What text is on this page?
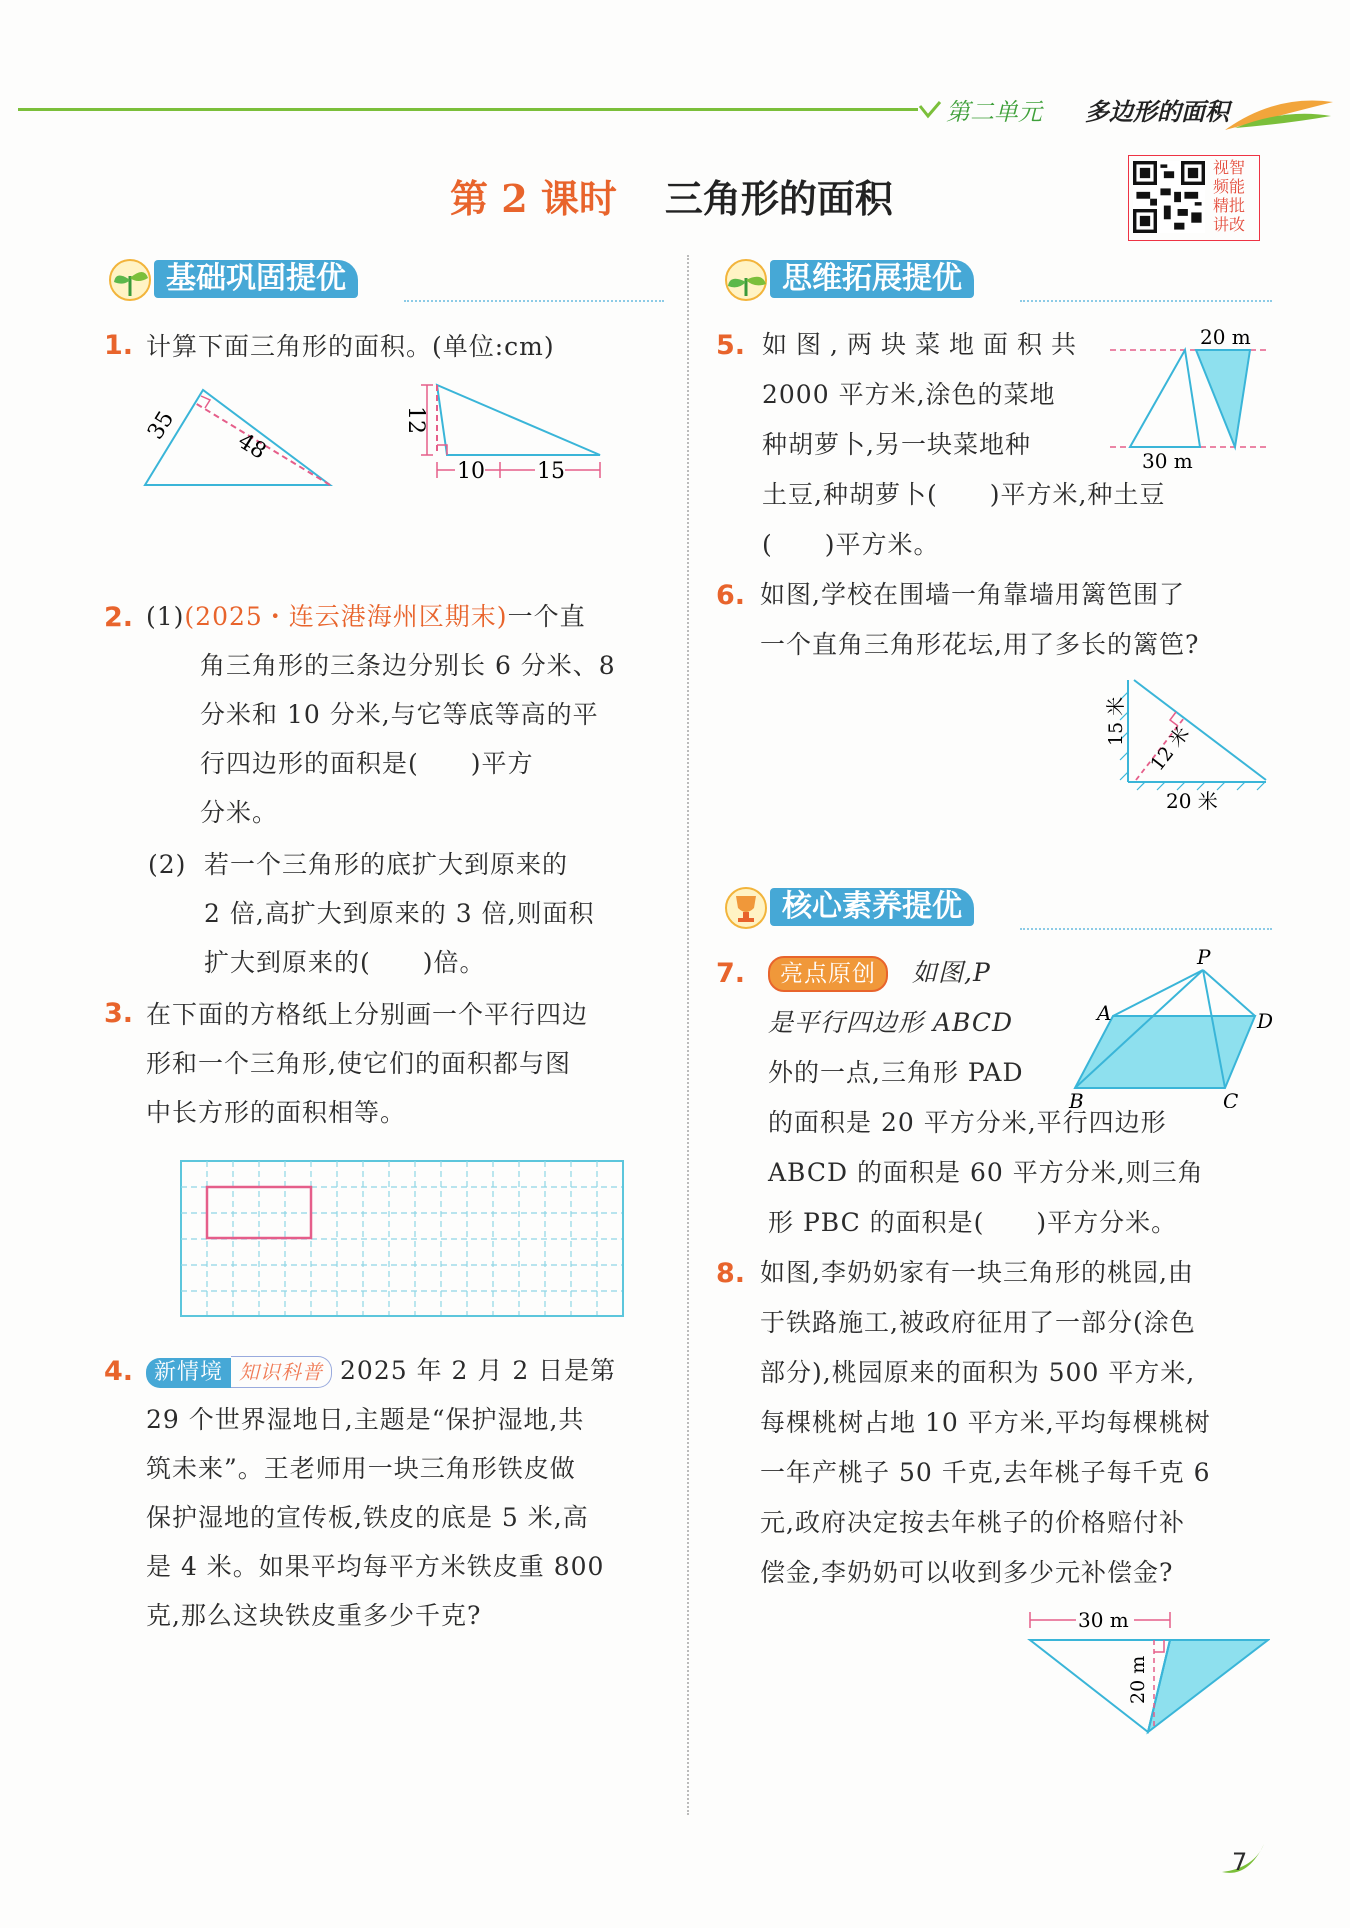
第二单元 多边形的面积
第 2 课时 三角形的面积
视智频能精批讲改
基础巩固提优
1. 计算下面三角形的面积。(单位:cm)
35
48
12
10 15
2. (1)(2025・连云港海州区期末)一个直
角三角形的三条边分别长 6 分米、8
分米和 10 分米,与它等底等高的平
行四边形的面积是(　　)平方
分米。
(2) 若一个三角形的底扩大到原来的
2 倍,高扩大到原来的 3 倍,则面积
扩大到原来的(　　)倍。
3. 在下面的方格纸上分别画一个平行四边
形和一个三角形,使它们的面积都与图
中长方形的面积相等。
4. 新情境 知识科普 2025 年 2 月 2 日是第
29 个世界湿地日,主题是“保护湿地,共
筑未来”。王老师用一块三角形铁皮做
保护湿地的宣传板,铁皮的底是 5 米,高
是 4 米。如果平均每平方米铁皮重 800
克,那么这块铁皮重多少千克?
思维拓展提优
5. 如图,两块菜地面积共
2000 平方米,涂色的菜地
种胡萝卜,另一块菜地种
土豆,种胡萝卜(　　)平方米,种土豆
(　　)平方米。
20 m
30 m
6. 如图,学校在围墙一角靠墙用篱笆围了
一个直角三角形花坛,用了多长的篱笆?
15 米
12 米
20 米
核心素养提优
7.	亮点原创 如图,P
是平行四边形 ABCD
外的一点,三角形 PAD
的面积是 20 平方分米,平行四边形
ABCD 的面积是 60 平方分米,则三角
形 PBC 的面积是(　　)平方分米。
P
A	D
B	C
8. 如图,李奶奶家有一块三角形的桃园,由
于铁路施工,被政府征用了一部分(涂色
部分),桃园原来的面积为 500 平方米,
每棵桃树占地 10 平方米,平均每棵桃树
一年产桃子 50 千克,去年桃子每千克 6
元,政府决定按去年桃子的价格赔付补
偿金,李奶奶可以收到多少元补偿金?
30 m
20 m
7
